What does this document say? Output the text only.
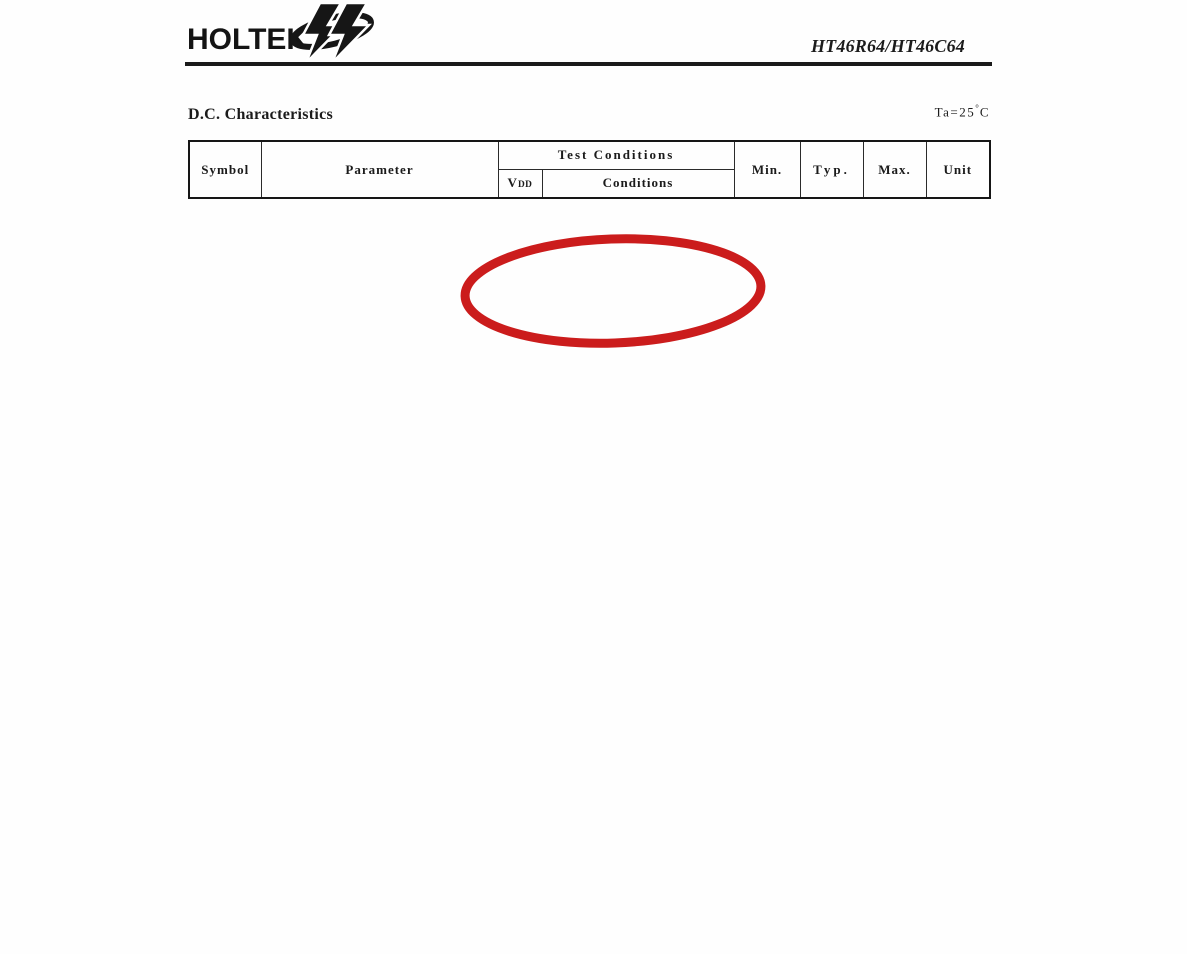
HOLTEK	HT46R64/HT46C64
D.C. Characteristics	Ta=25°C
Symbol	Parameter	Test Conditions		Min.	Typ.	Max.	Unit
		VDD	Conditions				
